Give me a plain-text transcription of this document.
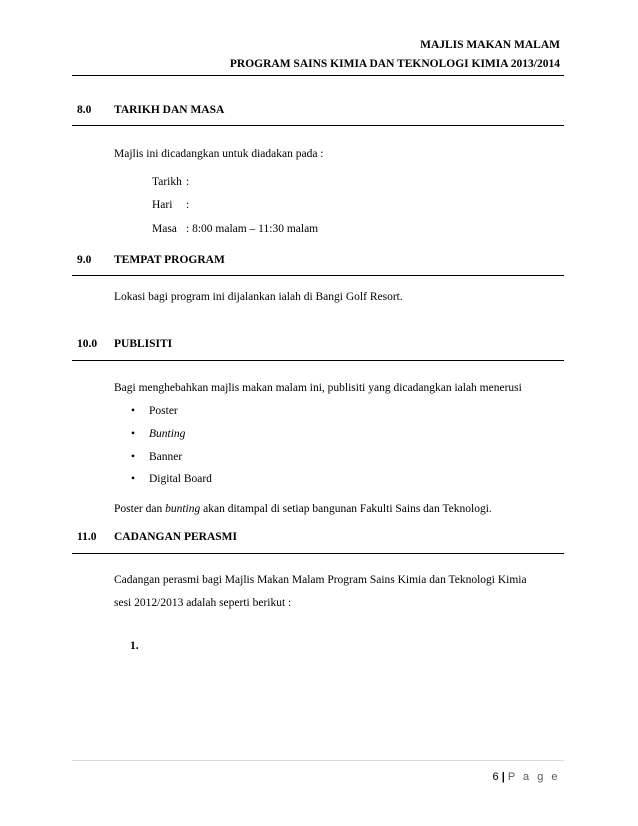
MAJLIS MAKAN MALAM
PROGRAM SAINS KIMIA DAN TEKNOLOGI KIMIA 2013/2014
8.0 TARIKH DAN MASA
Majlis ini dicadangkan untuk diadakan pada :
Tarikh :
Hari :
Masa : 8:00 malam – 11:30 malam
9.0 TEMPAT PROGRAM
Lokasi bagi program ini dijalankan ialah di Bangi Golf Resort.
10.0 PUBLISITI
Bagi menghebahkan majlis makan malam ini, publisiti yang dicadangkan ialah menerusi
• Poster
• Bunting
• Banner
• Digital Board
Poster dan bunting akan ditampal di setiap bangunan Fakulti Sains dan Teknologi.
11.0 CADANGAN PERASMI
Cadangan perasmi bagi Majlis Makan Malam Program Sains Kimia dan Teknologi Kimia
sesi 2012/2013 adalah seperti berikut :
1.
6 | P a g e
